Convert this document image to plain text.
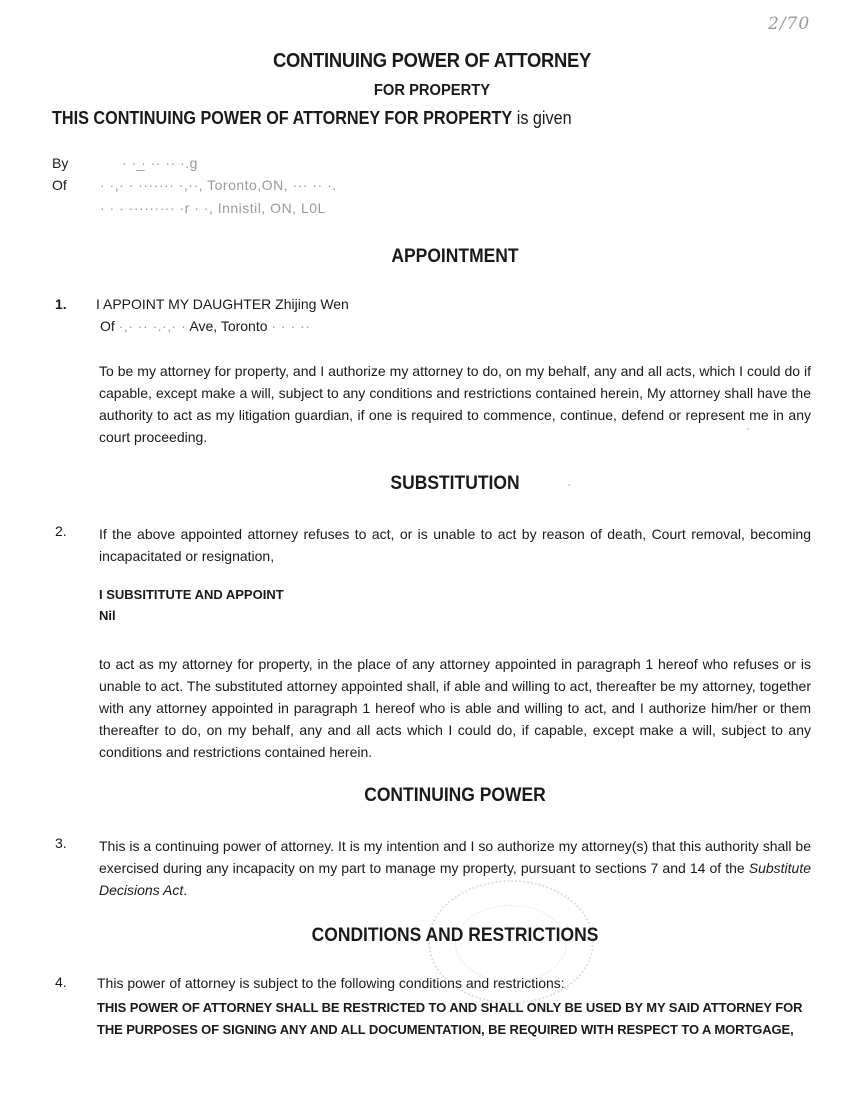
2/70
CONTINUING POWER OF ATTORNEY
FOR PROPERTY
THIS CONTINUING POWER OF ATTORNEY FOR PROPERTY is given
By	· · ̲· ·· ·· ·.g
Of · ·,· · ······· ·,··, Toronto,ON, ··· ·· ·.
· · · ········· ·r · ·, Innistil, ON, L0L
APPOINTMENT
1. I APPOINT MY DAUGHTER Zhijing Wen
Of ·,· ·· ·.·,· · Ave, Toronto · · · ··
To be my attorney for property, and I authorize my attorney to do, on my behalf, any and all acts, which I could do if capable, except make a will, subject to any conditions and restrictions contained herein, My attorney shall have the authority to act as my litigation guardian, if one is required to commence, continue, defend or represent me in any court proceeding.
SUBSTITUTION
2. If the above appointed attorney refuses to act, or is unable to act by reason of death, Court removal, becoming incapacitated or resignation,
I SUBSITITUTE AND APPOINT
Nil
to act as my attorney for property, in the place of any attorney appointed in paragraph 1 hereof who refuses or is unable to act. The substituted attorney appointed shall, if able and willing to act, thereafter be my attorney, together with any attorney appointed in paragraph 1 hereof who is able and willing to act, and I authorize him/her or them thereafter to do, on my behalf, any and all acts which I could do, if capable, except make a will, subject to any conditions and restrictions contained herein.
CONTINUING POWER
3. This is a continuing power of attorney. It is my intention and I so authorize my attorney(s) that this authority shall be exercised during any incapacity on my part to manage my property, pursuant to sections 7 and 14 of the Substitute Decisions Act.
CONDITIONS AND RESTRICTIONS
4. This power of attorney is subject to the following conditions and restrictions:
THIS POWER OF ATTORNEY SHALL BE RESTRICTED TO AND SHALL ONLY BE USED BY MY SAID ATTORNEY FOR
THE PURPOSES OF SIGNING ANY AND ALL DOCUMENTATION, BE REQUIRED WITH RESPECT TO A MORTGAGE,
